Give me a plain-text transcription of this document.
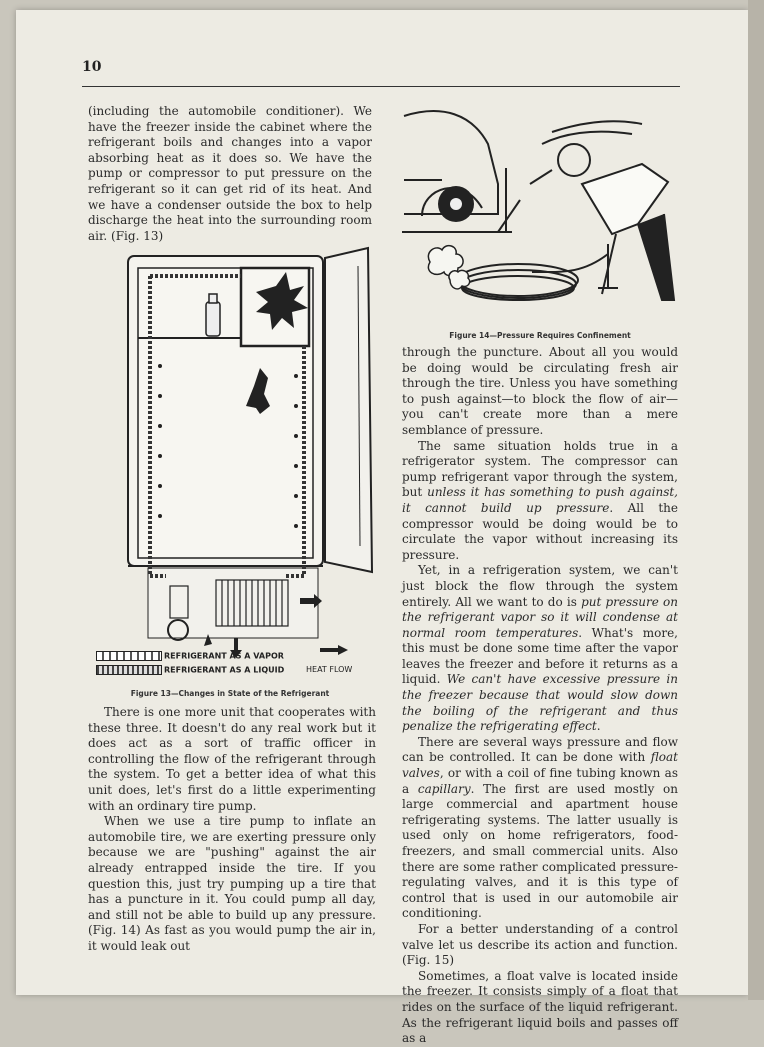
10

(including the automobile conditioner). We have the freezer inside the cabinet where the refrigerant boils and changes into a vapor absorbing heat as it does so. We have the pump or compressor to put pressure on the refrigerant so it can get rid of its heat. And we have a condenser outside the box to help discharge the heat into the surrounding room air. (Fig. 13)

REFRIGERANT AS A VAPOR
REFRIGERANT AS A LIQUID	HEAT FLOW
Figure 13—Changes in State of the Refrigerant

There is one more unit that cooperates with these three. It doesn't do any real work but it does act as a sort of traffic officer in controlling the flow of the refrigerant through the system. To get a better idea of what this unit does, let's first do a little experimenting with an ordinary tire pump.

When we use a tire pump to inflate an automobile tire, we are exerting pressure only because we are "pushing" against the air already entrapped inside the tire. If you question this, just try pumping up a tire that has a puncture in it. You could pump all day, and still not be able to build up any pressure. (Fig. 14) As fast as you would pump the air in, it would leak out

Figure 14—Pressure Requires Confinement

through the puncture. About all you would be doing would be circulating fresh air through the tire. Unless you have something to push against—to block the flow of air—you can't create more than a mere semblance of pressure.

The same situation holds true in a refrigerator system. The compressor can pump refrigerant vapor through the system, but unless it has something to push against, it cannot build up pressure. All the compressor would be doing would be to circulate the vapor without increasing its pressure.

Yet, in a refrigeration system, we can't just block the flow through the system entirely. All we want to do is put pressure on the refrigerant vapor so it will condense at normal room temperatures. What's more, this must be done some time after the vapor leaves the freezer and before it returns as a liquid. We can't have excessive pressure in the freezer because that would slow down the boiling of the refrigerant and thus penalize the refrigerating effect.

There are several ways pressure and flow can be controlled. It can be done with float valves, or with a coil of fine tubing known as a capillary. The first are used mostly on large commercial and apartment house refrigerating systems. The latter usually is used only on home refrigerators, food-freezers, and small commercial units. Also there are some rather complicated pressure-regulating valves, and it is this type of control that is used in our automobile air conditioning.

For a better understanding of a control valve let us describe its action and function. (Fig. 15)

Sometimes, a float valve is located inside the freezer. It consists simply of a float that rides on the surface of the liquid refrigerant. As the refrigerant liquid boils and passes off as a
